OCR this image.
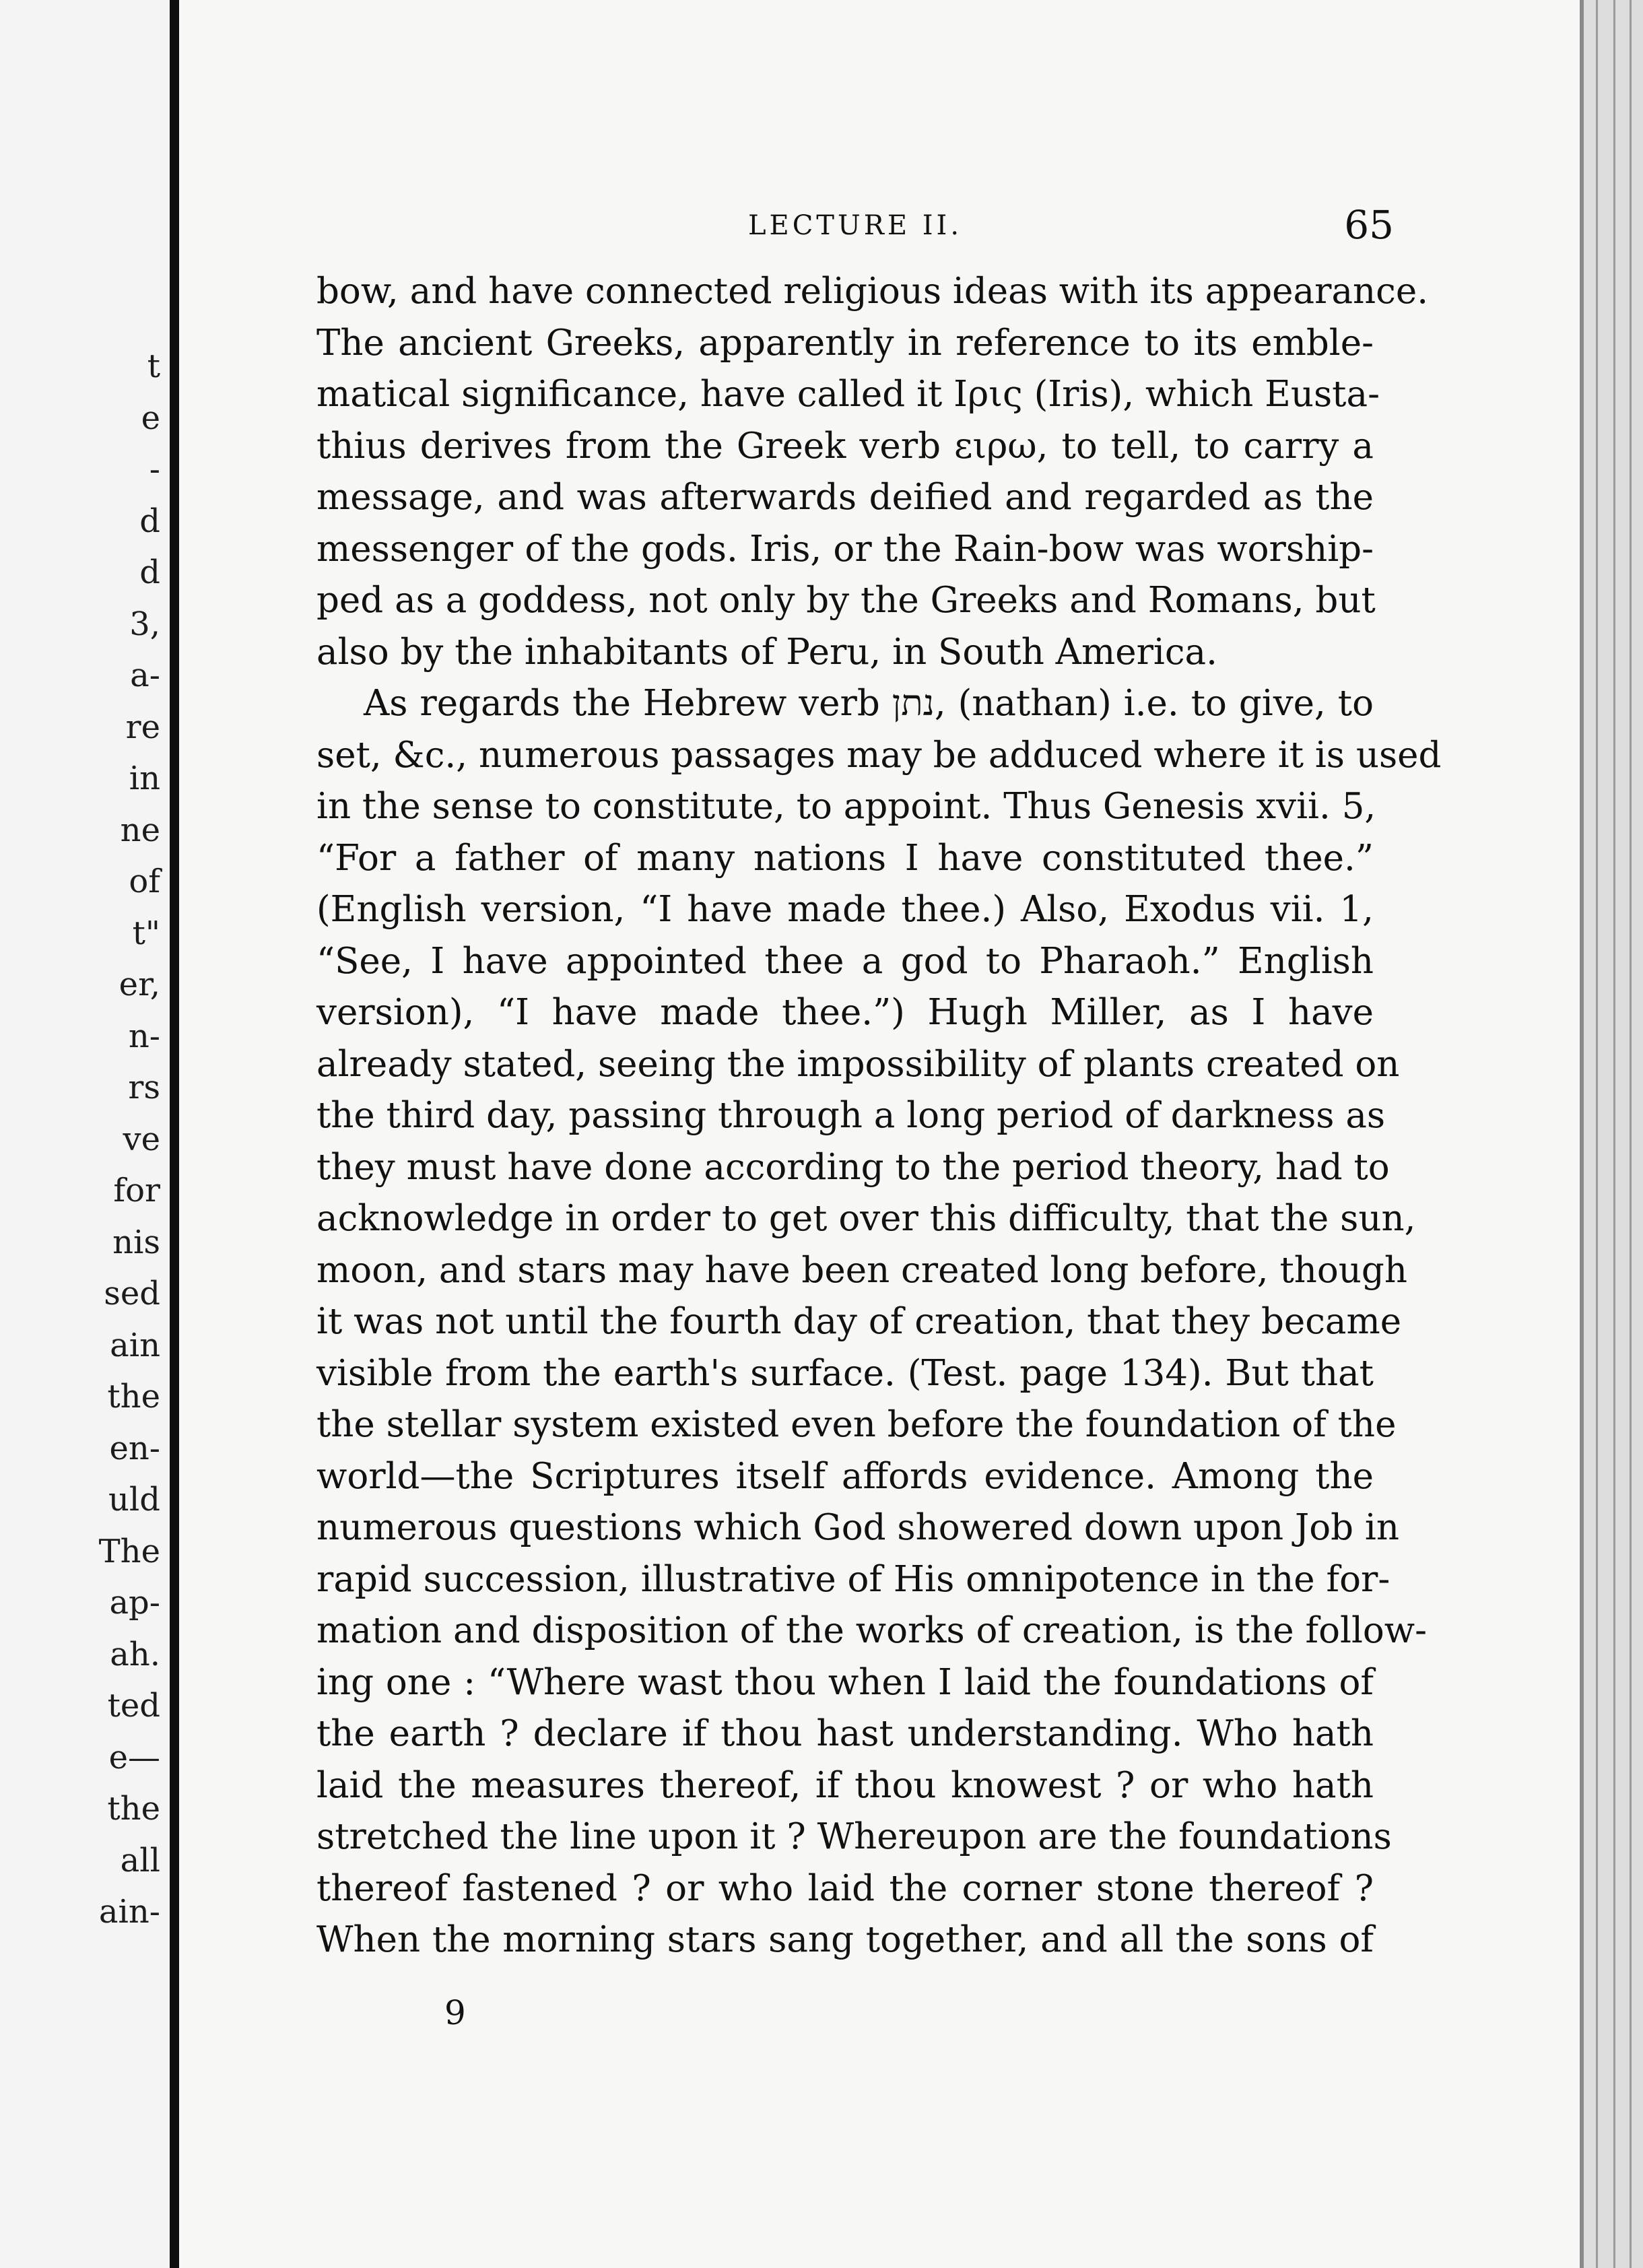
t
e
-
d
d
3,
a-
re
in
ne
of
t"
er,
n-
rs
ve
for
nis
sed
ain
the
en-
uld
The
ap-
ah.
ted
e—
the
all
ain-
LECTURE II.	65
bow, and have connected religious ideas with its appearance.
The ancient Greeks, apparently in reference to its emble-
matical significance, have called it Ιρις (Iris), which Eusta-
thius derives from the Greek verb ειρω, to tell, to carry a
message, and was afterwards deified and regarded as the
messenger of the gods. Iris, or the Rain-bow was worship-
ped as a goddess, not only by the Greeks and Romans, but
also by the inhabitants of Peru, in South America.
As regards the Hebrew verb נתן, (nathan) i.e. to give, to
set, &c., numerous passages may be adduced where it is used
in the sense to constitute, to appoint. Thus Genesis xvii. 5,
“For a father of many nations I have constituted thee.”
(English version, “I have made thee.) Also, Exodus vii. 1,
“See, I have appointed thee a god to Pharaoh.” English
version), “I have made thee.”) Hugh Miller, as I have
already stated, seeing the impossibility of plants created on
the third day, passing through a long period of darkness as
they must have done according to the period theory, had to
acknowledge in order to get over this difficulty, that the sun,
moon, and stars may have been created long before, though
it was not until the fourth day of creation, that they became
visible from the earth's surface. (Test. page 134). But that
the stellar system existed even before the foundation of the
world—the Scriptures itself affords evidence. Among the
numerous questions which God showered down upon Job in
rapid succession, illustrative of His omnipotence in the for-
mation and disposition of the works of creation, is the follow-
ing one : “Where wast thou when I laid the foundations of
the earth ? declare if thou hast understanding. Who hath
laid the measures thereof, if thou knowest ? or who hath
stretched the line upon it ? Whereupon are the foundations
thereof fastened ? or who laid the corner stone thereof ?
When the morning stars sang together, and all the sons of
9
